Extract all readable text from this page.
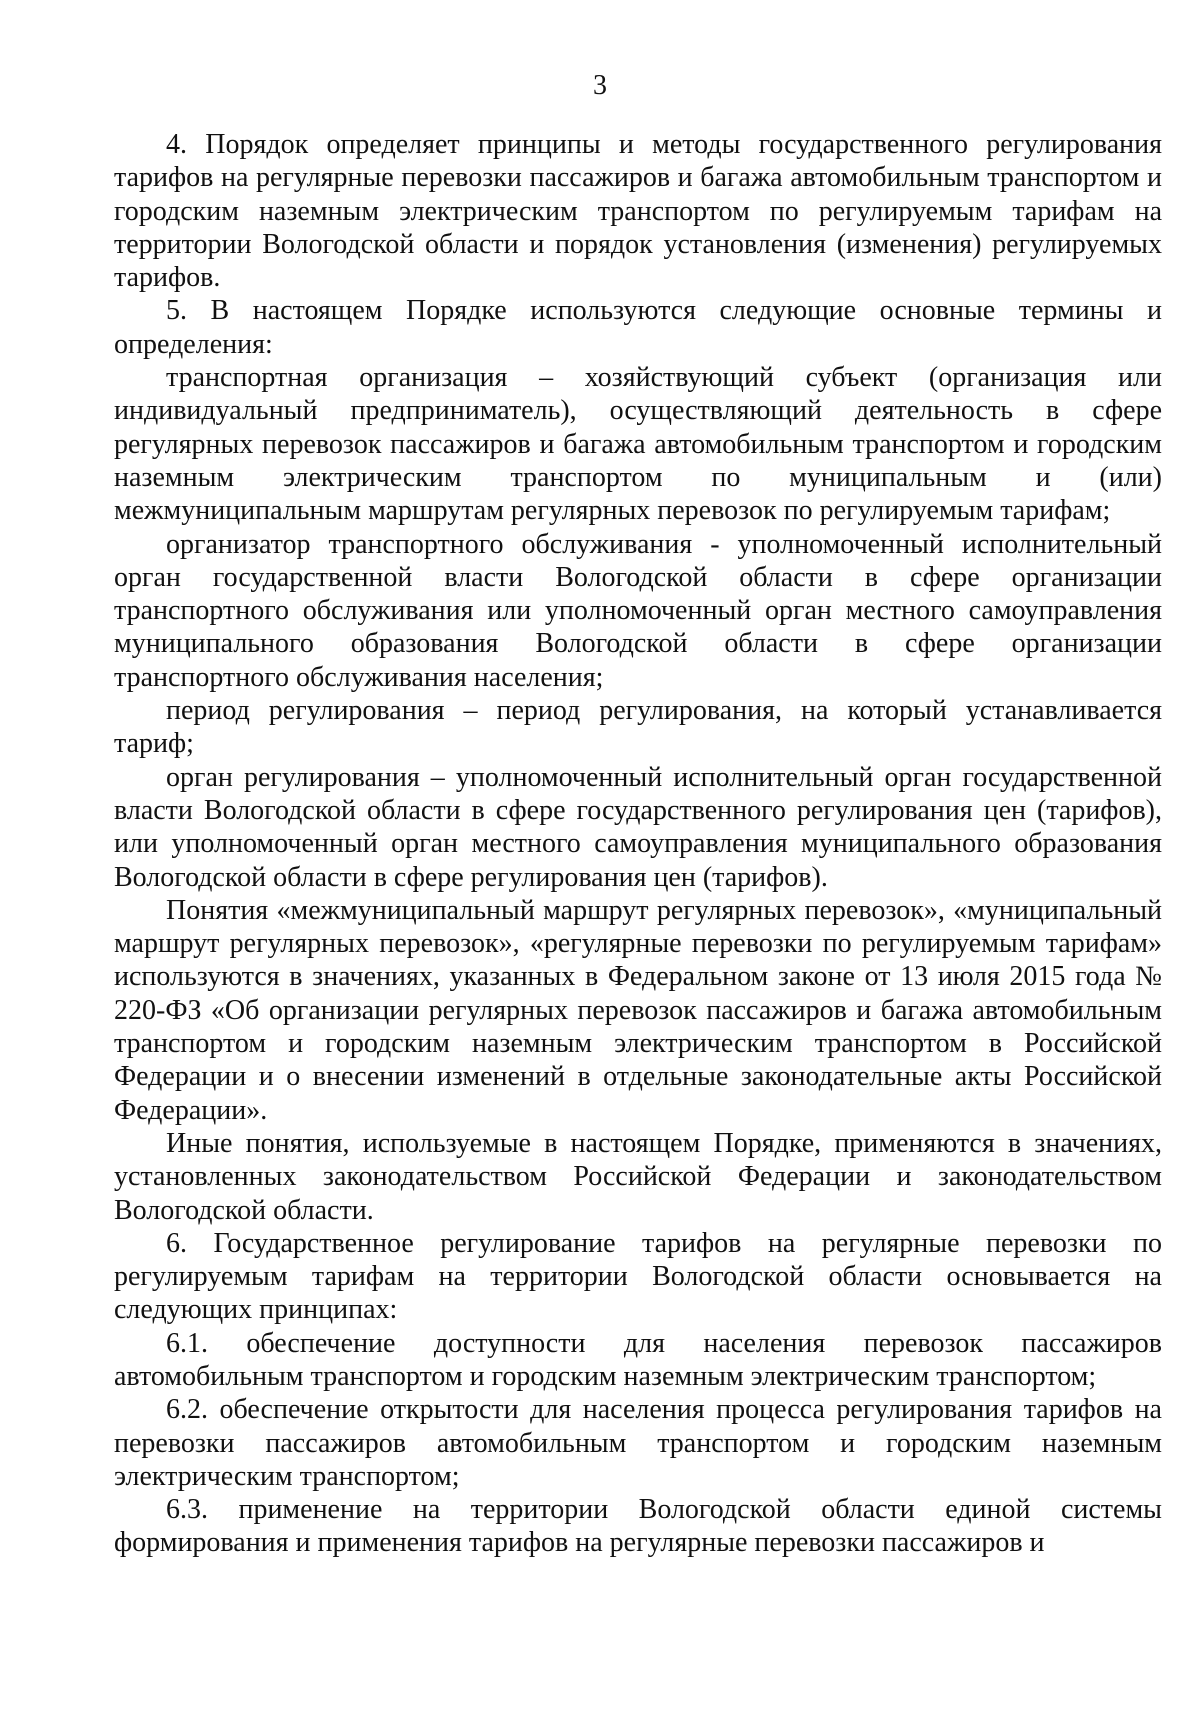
3

4. Порядок определяет принципы и методы государственного регулирования тарифов на регулярные перевозки пассажиров и багажа автомобильным транспортом и городским наземным электрическим транспортом по регулируемым тарифам на территории Вологодской области и порядок установления (изменения) регулируемых тарифов.

5. В настоящем Порядке используются следующие основные термины и определения:

транспортная организация – хозяйствующий субъект (организация или индивидуальный предприниматель), осуществляющий деятельность в сфере регулярных перевозок пассажиров и багажа автомобильным транспортом и городским наземным электрическим транспортом по муниципальным и (или) межмуниципальным маршрутам регулярных перевозок по регулируемым тарифам;

организатор транспортного обслуживания - уполномоченный исполнительный орган государственной власти Вологодской области в сфере организации транспортного обслуживания или уполномоченный орган местного самоуправления муниципального образования Вологодской области в сфере организации транспортного обслуживания населения;

период регулирования – период регулирования, на который устанавливается тариф;

орган регулирования – уполномоченный исполнительный орган государственной власти Вологодской области в сфере государственного регулирования цен (тарифов), или уполномоченный орган местного самоуправления муниципального образования Вологодской области в сфере регулирования цен (тарифов).

Понятия «межмуниципальный маршрут регулярных перевозок», «муниципальный маршрут регулярных перевозок», «регулярные перевозки по регулируемым тарифам» используются в значениях, указанных в Федеральном законе от 13 июля 2015 года № 220-ФЗ «Об организации регулярных перевозок пассажиров и багажа автомобильным транспортом и городским наземным электрическим транспортом в Российской Федерации и о внесении изменений в отдельные законодательные акты Российской Федерации».

Иные понятия, используемые в настоящем Порядке, применяются в значениях, установленных законодательством Российской Федерации и законодательством Вологодской области.

6. Государственное регулирование тарифов на регулярные перевозки по регулируемым тарифам на территории Вологодской области основывается на следующих принципах:

6.1. обеспечение доступности для населения перевозок пассажиров автомобильным транспортом и городским наземным электрическим транспортом;

6.2. обеспечение открытости для населения процесса регулирования тарифов на перевозки пассажиров автомобильным транспортом и городским наземным электрическим транспортом;

6.3. применение на территории Вологодской области единой системы формирования и применения тарифов на регулярные перевозки пассажиров и
